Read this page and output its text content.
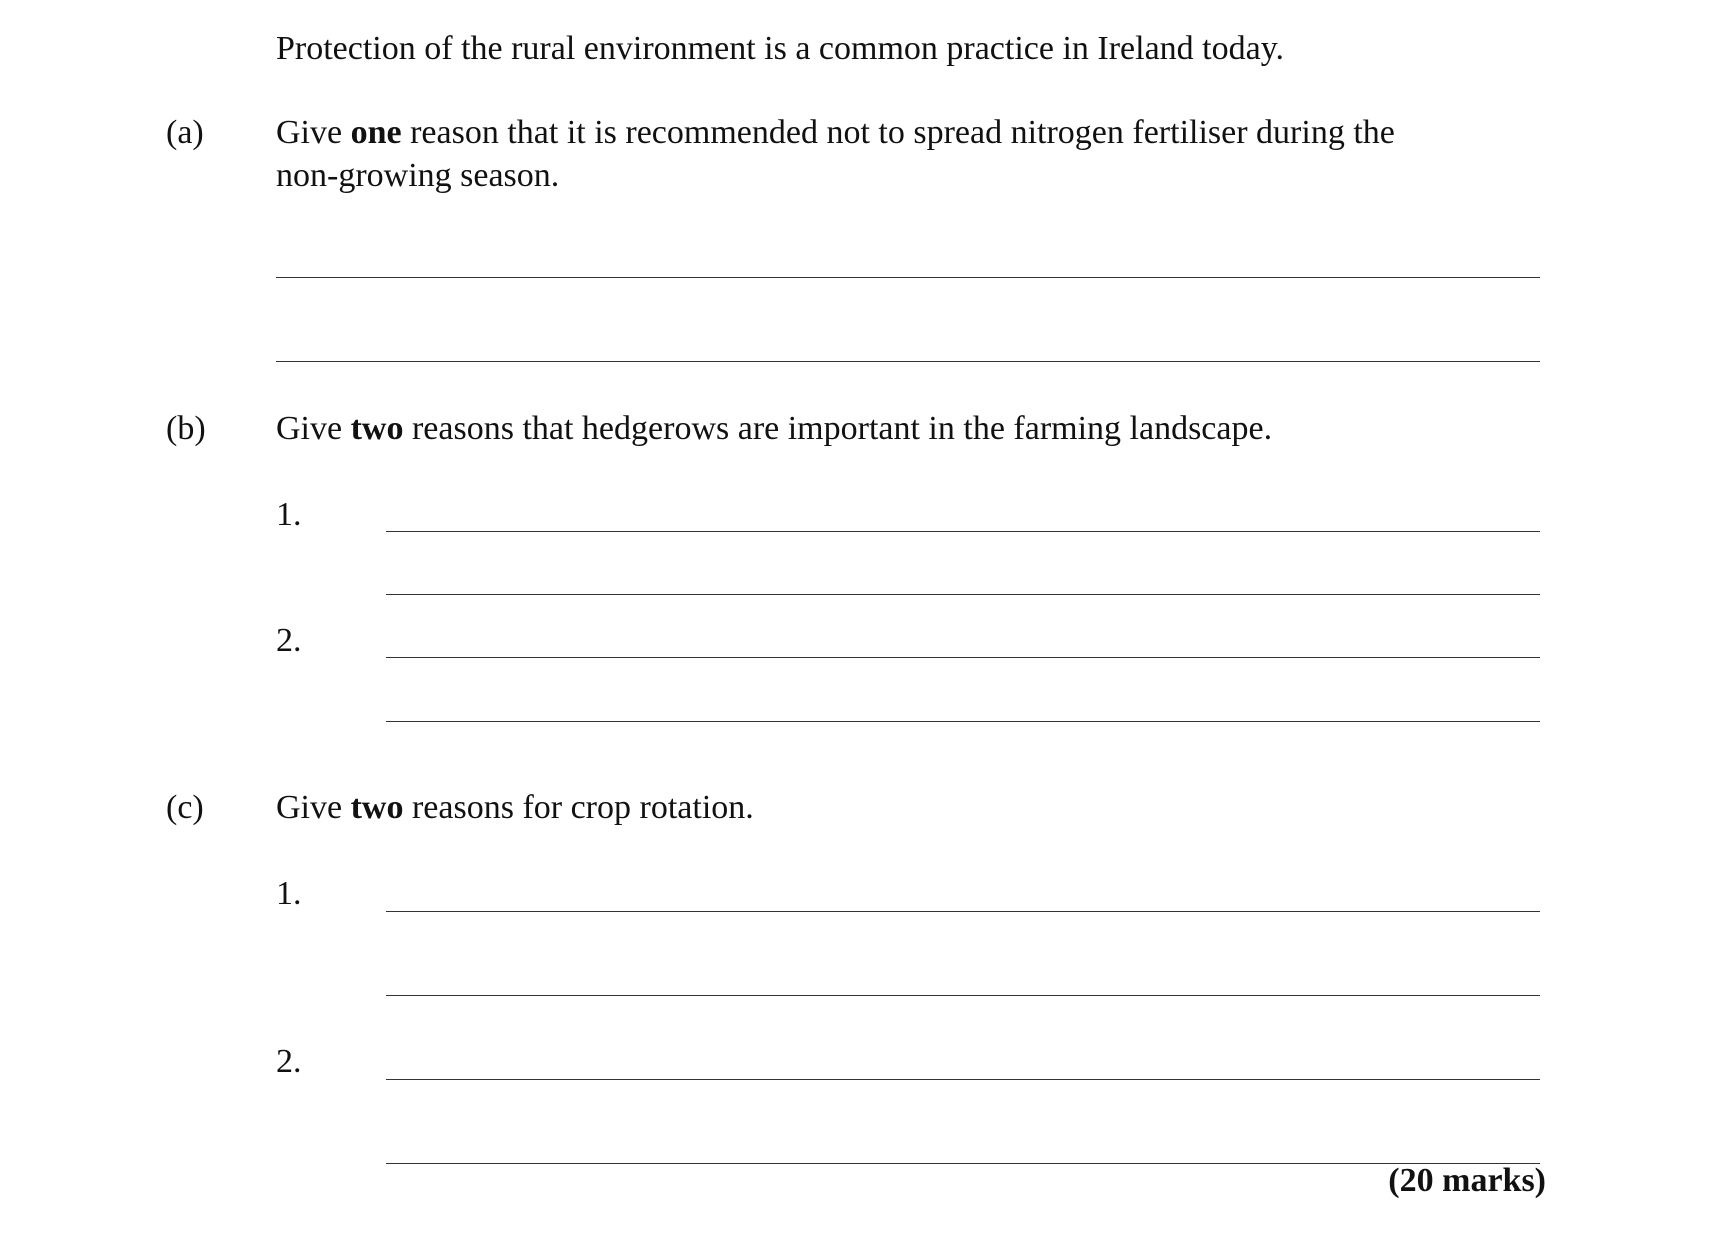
Protection of the rural environment is a common practice in Ireland today.
(a) Give one reason that it is recommended not to spread nitrogen fertiliser during the
non-growing season.
(b) Give two reasons that hedgerows are important in the farming landscape.
1.
2.
(c) Give two reasons for crop rotation.
1.
2.
(20 marks)
